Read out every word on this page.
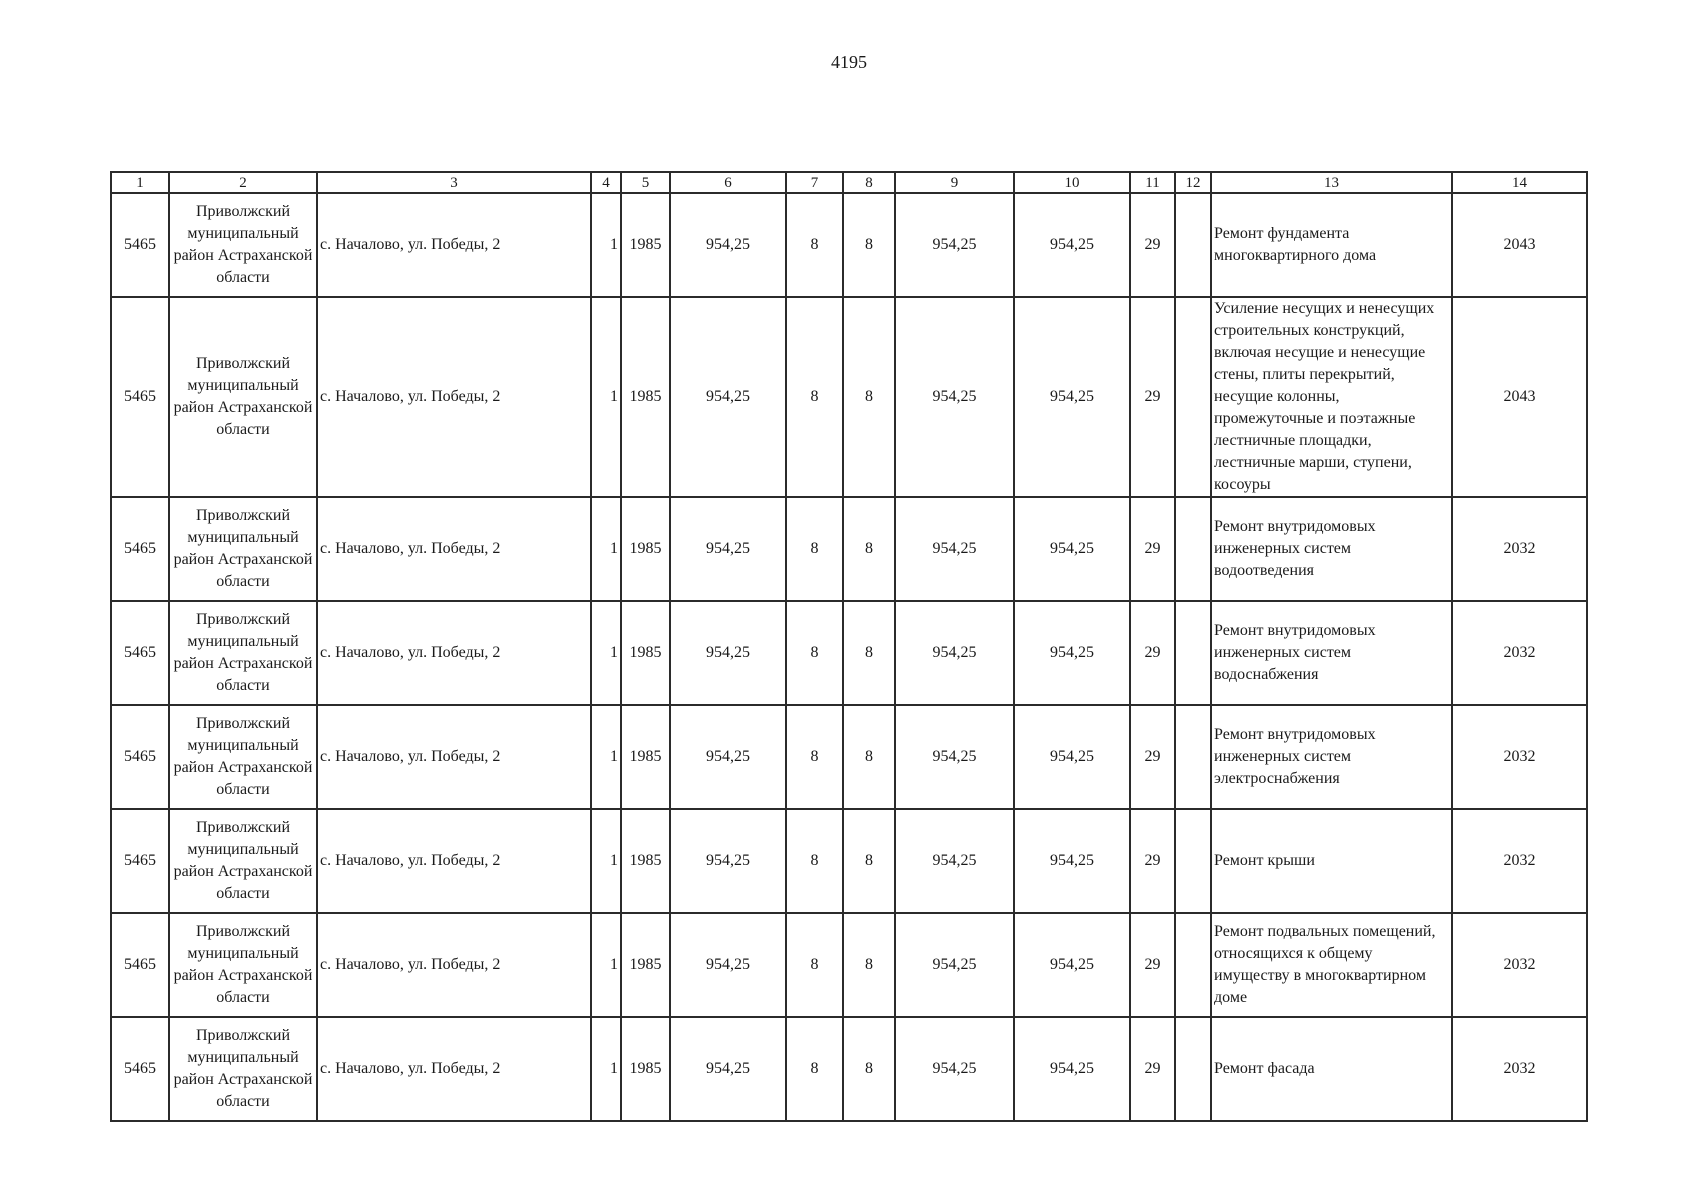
4195
1	2	3	4	5	6	7	8	9	10	11	12	13	14
5465	Приволжский муниципальный район Астраханской области	с. Началово, ул. Победы, 2	1	1985	954,25	8	8	954,25	954,25	29		Ремонт фундамента многоквартирного дома	2043
5465	Приволжский муниципальный район Астраханской области	с. Началово, ул. Победы, 2	1	1985	954,25	8	8	954,25	954,25	29		Усиление несущих и ненесущих строительных конструкций, включая несущие и ненесущие стены, плиты перекрытий, несущие колонны, промежуточные и поэтажные лестничные площадки, лестничные марши, ступени, косоуры	2043
5465	Приволжский муниципальный район Астраханской области	с. Началово, ул. Победы, 2	1	1985	954,25	8	8	954,25	954,25	29		Ремонт внутридомовых инженерных систем водоотведения	2032
5465	Приволжский муниципальный район Астраханской области	с. Началово, ул. Победы, 2	1	1985	954,25	8	8	954,25	954,25	29		Ремонт внутридомовых инженерных систем водоснабжения	2032
5465	Приволжский муниципальный район Астраханской области	с. Началово, ул. Победы, 2	1	1985	954,25	8	8	954,25	954,25	29		Ремонт внутридомовых инженерных систем электроснабжения	2032
5465	Приволжский муниципальный район Астраханской области	с. Началово, ул. Победы, 2	1	1985	954,25	8	8	954,25	954,25	29		Ремонт крыши	2032
5465	Приволжский муниципальный район Астраханской области	с. Началово, ул. Победы, 2	1	1985	954,25	8	8	954,25	954,25	29		Ремонт подвальных помещений, относящихся к общему имуществу в многоквартирном доме	2032
5465	Приволжский муниципальный район Астраханской области	с. Началово, ул. Победы, 2	1	1985	954,25	8	8	954,25	954,25	29		Ремонт фасада	2032
